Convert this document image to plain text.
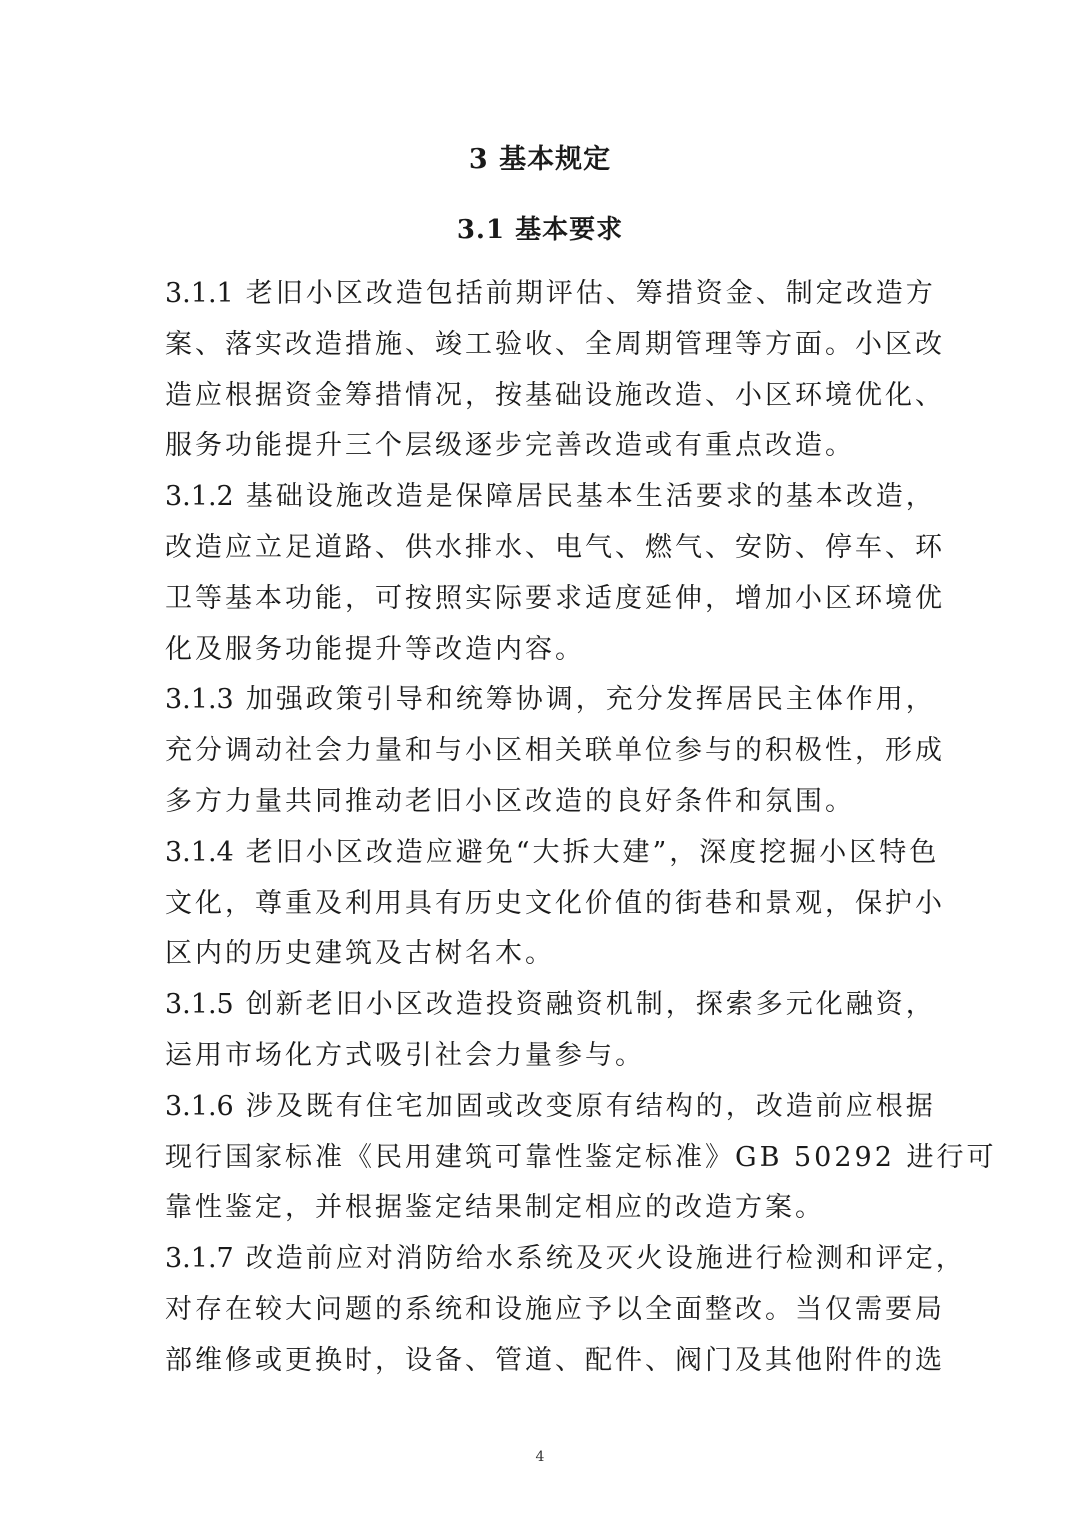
3 基本规定
3.1 基本要求
3.1.1 老旧小区改造包括前期评估、筹措资金、制定改造方
案、落实改造措施、竣工验收、全周期管理等方面。小区改
造应根据资金筹措情况，按基础设施改造、小区环境优化、
服务功能提升三个层级逐步完善改造或有重点改造。
3.1.2 基础设施改造是保障居民基本生活要求的基本改造，
改造应立足道路、供水排水、电气、燃气、安防、停车、环
卫等基本功能，可按照实际要求适度延伸，增加小区环境优
化及服务功能提升等改造内容。
3.1.3 加强政策引导和统筹协调，充分发挥居民主体作用，
充分调动社会力量和与小区相关联单位参与的积极性，形成
多方力量共同推动老旧小区改造的良好条件和氛围。
3.1.4 老旧小区改造应避免“大拆大建”，深度挖掘小区特色
文化，尊重及利用具有历史文化价值的街巷和景观，保护小
区内的历史建筑及古树名木。
3.1.5 创新老旧小区改造投资融资机制，探索多元化融资，
运用市场化方式吸引社会力量参与。
3.1.6 涉及既有住宅加固或改变原有结构的，改造前应根据
现行国家标准《民用建筑可靠性鉴定标准》GB 50292 进行可
靠性鉴定，并根据鉴定结果制定相应的改造方案。
3.1.7 改造前应对消防给水系统及灭火设施进行检测和评定，
对存在较大问题的系统和设施应予以全面整改。当仅需要局
部维修或更换时，设备、管道、配件、阀门及其他附件的选
4
